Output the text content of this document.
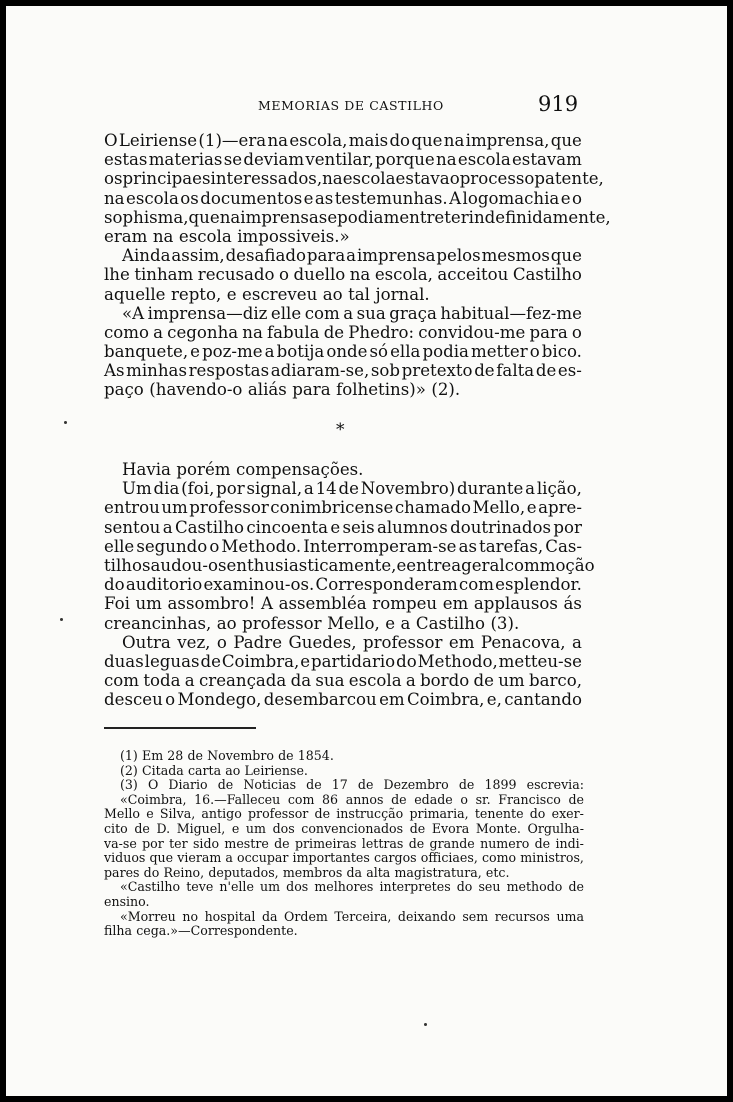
MEMORIAS DE CASTILHO	919
O Leiriense (1)—era na escola, mais do que na imprensa, que
estas materias se deviam ventilar, porque na escola estavam
os principaes interessados, na escola estava o processo patente,
na escola os documentos e as testemunhas. A logomachia e o
sophisma, que na imprensa se podiam entreter indefinidamente,
eram na escola impossiveis.»
Ainda assim, desafiado para a imprensa pelos mesmos que
lhe tinham recusado o duello na escola, acceitou Castilho
aquelle repto, e escreveu ao tal jornal.
«A imprensa—diz elle com a sua graça habitual—fez-me
como a cegonha na fabula de Phedro: convidou-me para o
banquete, e poz-me a botija onde só ella podia metter o bico.
As minhas respostas adiaram-se, sob pretexto de falta de es-
paço (havendo-o aliás para folhetins)» (2).
*
Havia porém compensações.
Um dia (foi, por signal, a 14 de Novembro) durante a lição,
entrou um professor conimbricense chamado Mello, e apre-
sentou a Castilho cincoenta e seis alumnos doutrinados por
elle segundo o Methodo. Interromperam-se as tarefas, Cas-
tilho saudou-os enthusiasticamente, e entre a geral commoção
do auditorio examinou-os. Corresponderam com esplendor.
Foi um assombro! A assembléa rompeu em applausos ás
creancinhas, ao professor Mello, e a Castilho (3).
Outra vez, o Padre Guedes, professor em Penacova, a
duas leguas de Coimbra, e partidario do Methodo, metteu-se
com toda a creançada da sua escola a bordo de um barco,
desceu o Mondego, desembarcou em Coimbra, e, cantando
(1) Em 28 de Novembro de 1854.
(2) Citada carta ao Leiriense.
(3) O Diario de Noticias de 17 de Dezembro de 1899 escrevia:
«Coimbra, 16.—Falleceu com 86 annos de edade o sr. Francisco de
Mello e Silva, antigo professor de instrucção primaria, tenente do exer-
cito de D. Miguel, e um dos convencionados de Evora Monte. Orgulha-
va-se por ter sido mestre de primeiras lettras de grande numero de indi-
viduos que vieram a occupar importantes cargos officiaes, como ministros,
pares do Reino, deputados, membros da alta magistratura, etc.
«Castilho teve n'elle um dos melhores interpretes do seu methodo de
ensino.
«Morreu no hospital da Ordem Terceira, deixando sem recursos uma
filha cega.»—Correspondente.
